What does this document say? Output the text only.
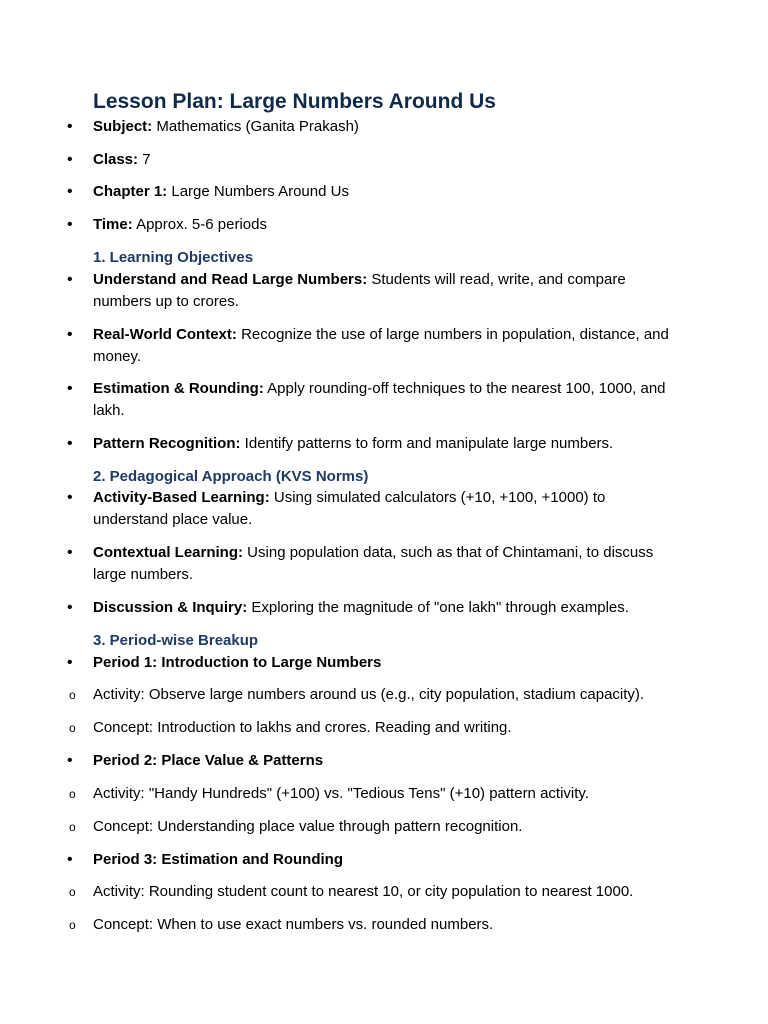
Lesson Plan: Large Numbers Around Us
• Subject: Mathematics (Ganita Prakash)
• Class: 7
• Chapter 1: Large Numbers Around Us
• Time: Approx. 5-6 periods
1. Learning Objectives
• Understand and Read Large Numbers: Students will read, write, and compare numbers up to crores.
• Real-World Context: Recognize the use of large numbers in population, distance, and money.
• Estimation & Rounding: Apply rounding-off techniques to the nearest 100, 1000, and lakh.
• Pattern Recognition: Identify patterns to form and manipulate large numbers.
2. Pedagogical Approach (KVS Norms)
• Activity-Based Learning: Using simulated calculators (+10, +100, +1000) to understand place value.
• Contextual Learning: Using population data, such as that of Chintamani, to discuss large numbers.
• Discussion & Inquiry: Exploring the magnitude of "one lakh" through examples.
3. Period-wise Breakup
• Period 1: Introduction to Large Numbers
o Activity: Observe large numbers around us (e.g., city population, stadium capacity).
o Concept: Introduction to lakhs and crores. Reading and writing.
• Period 2: Place Value & Patterns
o Activity: "Handy Hundreds" (+100) vs. "Tedious Tens" (+10) pattern activity.
o Concept: Understanding place value through pattern recognition.
• Period 3: Estimation and Rounding
o Activity: Rounding student count to nearest 10, or city population to nearest 1000.
o Concept: When to use exact numbers vs. rounded numbers.
